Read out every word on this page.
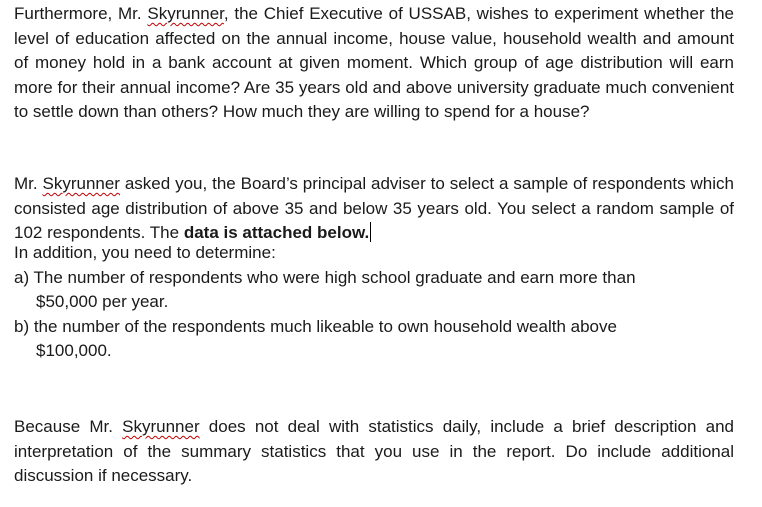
Furthermore, Mr. Skyrunner, the Chief Executive of USSAB, wishes to experiment whether the level of education affected on the annual income, house value, household wealth and amount of money hold in a bank account at given moment. Which group of age distribution will earn more for their annual income? Are 35 years old and above university graduate much convenient to settle down than others? How much they are willing to spend for a house?

Mr. Skyrunner asked you, the Board’s principal adviser to select a sample of respondents which consisted age distribution of above 35 and below 35 years old. You select a random sample of 102 respondents. The data is attached below.

In addition, you need to determine:
a) The number of respondents who were high school graduate and earn more than
$50,000 per year.
b) the number of the respondents much likeable to own household wealth above
$100,000.

Because Mr. Skyrunner does not deal with statistics daily, include a brief description and interpretation of the summary statistics that you use in the report. Do include additional discussion if necessary.
